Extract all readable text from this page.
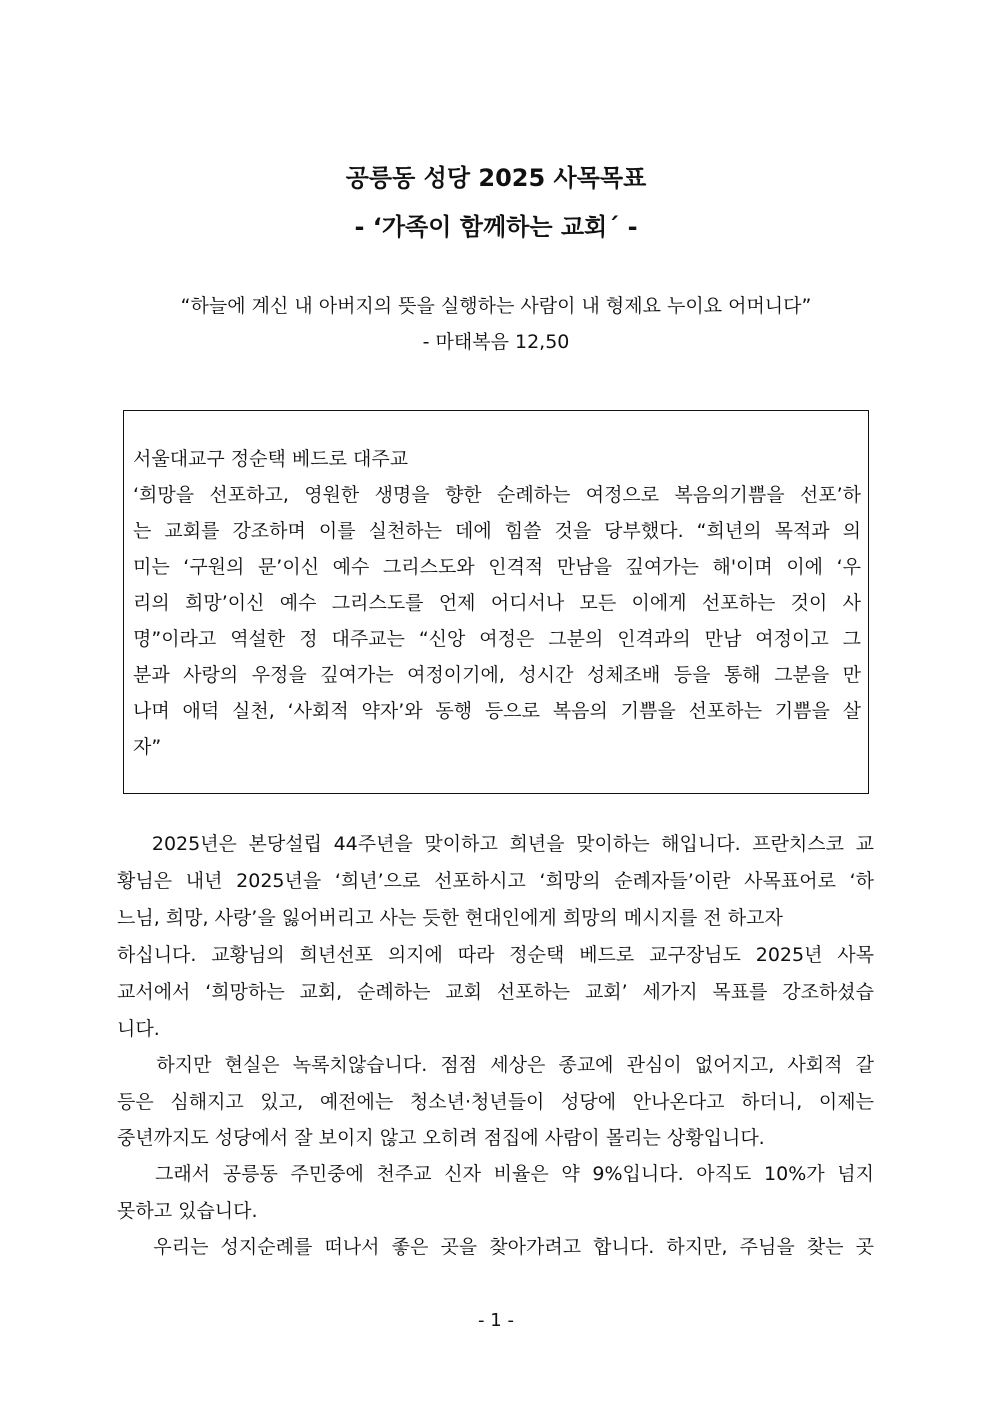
공릉동 성당 2025 사목목표
- ‘가족이 함께하는 교회´ -
“하늘에 계신 내 아버지의 뜻을 실행하는 사람이 내 형제요 누이요 어머니다”
- 마태복음 12,50
서울대교구 정순택 베드로 대주교
‘희망을 선포하고, 영원한 생명을 향한 순례하는 여정으로 복음의기쁨을 선포’하
는 교회를 강조하며 이를 실천하는 데에 힘쓸 것을 당부했다. “희년의 목적과 의
미는 ‘구원의 문’이신 예수 그리스도와 인격적 만남을 깊여가는 해'이며 이에 ‘우
리의 희망’이신 예수 그리스도를 언제 어디서나 모든 이에게 선포하는 것이 사
명”이라고 역설한 정 대주교는 “신앙 여정은 그분의 인격과의 만남 여정이고 그
분과 사랑의 우정을 깊여가는 여정이기에, 성시간 성체조배 등을 통해 그분을 만
나며 애덕 실천, ‘사회적 약자’와 동행 등으로 복음의 기쁨을 선포하는 기쁨을 살
자”
2025년은 본당설립 44주년을 맞이하고 희년을 맞이하는 해입니다. 프란치스코 교
황님은 내년 2025년을 ‘희년’으로 선포하시고 ‘희망의 순례자들’이란 사목표어로 ‘하
느님, 희망, 사랑’을 잃어버리고 사는 듯한 현대인에게 희망의 메시지를 전 하고자
하십니다. 교황님의 희년선포 의지에 따라 정순택 베드로 교구장님도 2025년 사목
교서에서 ‘희망하는 교회, 순례하는 교회 선포하는 교회’ 세가지 목표를 강조하셨습
니다.
하지만 현실은 녹록치않습니다. 점점 세상은 종교에 관심이 없어지고, 사회적 갈
등은 심해지고 있고, 예전에는 청소년·청년들이 성당에 안나온다고 하더니, 이제는
중년까지도 성당에서 잘 보이지 않고 오히려 점집에 사람이 몰리는 상황입니다.
그래서 공릉동 주민중에 천주교 신자 비율은 약 9%입니다. 아직도 10%가 넘지
못하고 있습니다.
우리는 성지순례를 떠나서 좋은 곳을 찾아가려고 합니다. 하지만, 주님을 찾는 곳
- 1 -
